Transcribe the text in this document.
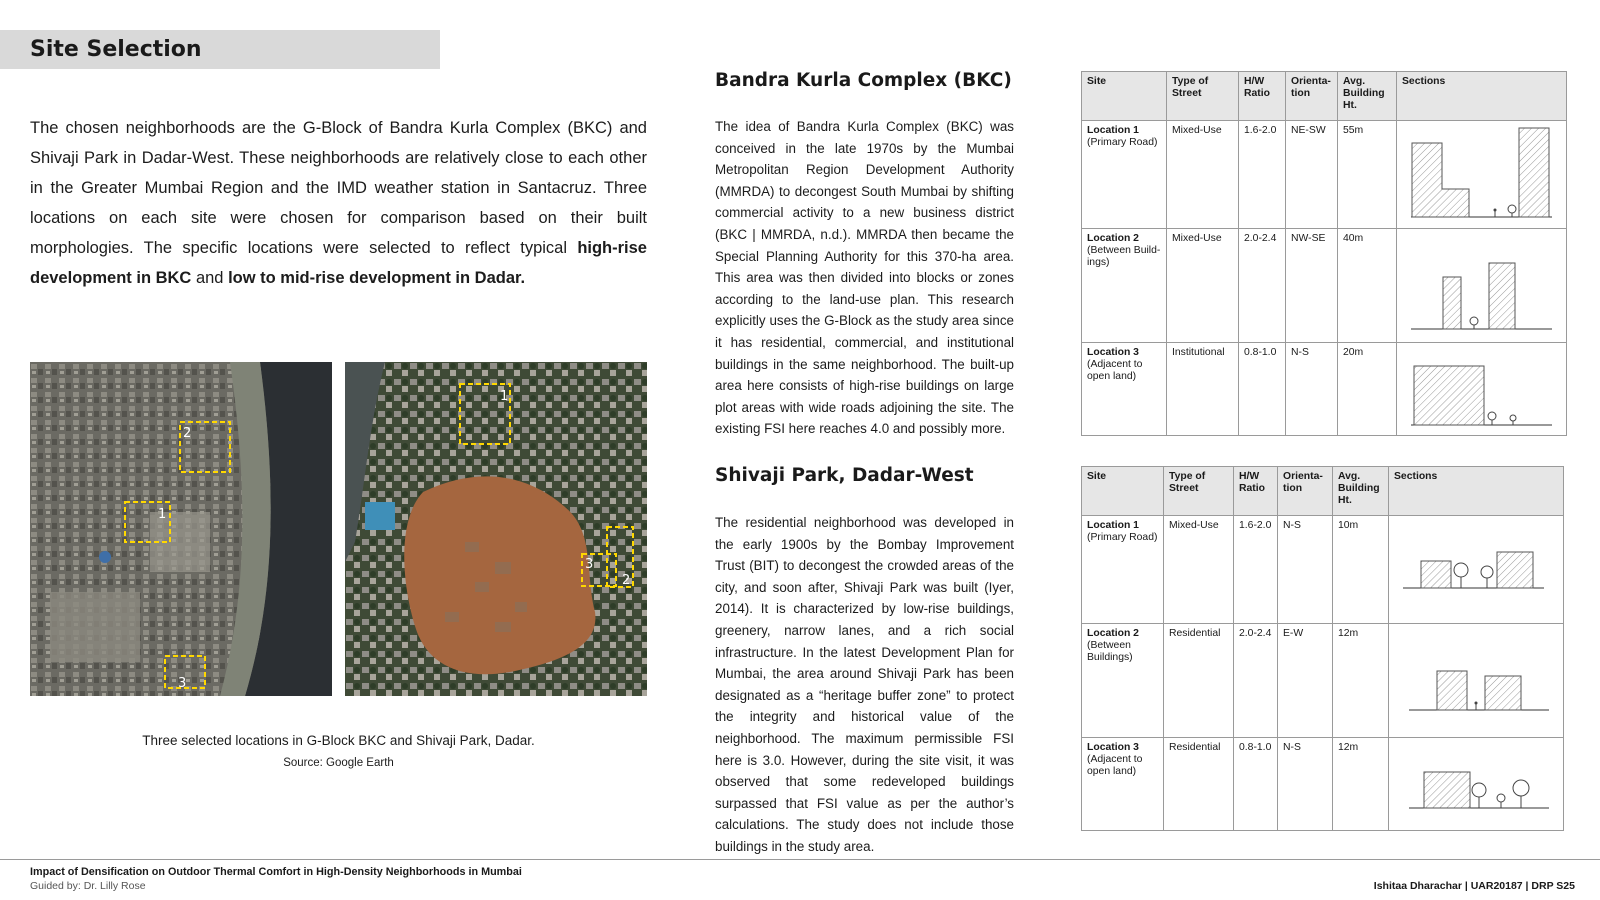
Site Selection
The chosen neighborhoods are the G-Block of Bandra Kurla Complex (BKC) and Shivaji Park in Dadar-West. These neighborhoods are relatively close to each other in the Greater Mumbai Region and the IMD weather station in Santacruz. Three locations on each site were chosen for comparison based on their built morphologies. The specific locations were selected to reflect typical high-rise development in BKC and low to mid-rise development in Dadar.
2
1
3
1
2
3
Three selected locations in G-Block BKC and Shivaji Park, Dadar.
Source: Google Earth
Bandra Kurla Complex (BKC)
The idea of Bandra Kurla Complex (BKC) was conceived in the late 1970s by the Mumbai Metropolitan Region Development Authority (MMRDA) to decongest South Mumbai by shifting commercial activity to a new business district (BKC | MMRDA, n.d.). MMRDA then became the Special Planning Authority for this 370-ha area. This area was then divided into blocks or zones according to the land-use plan. This research explicitly uses the G-Block as the study area since it has residential, commercial, and institutional buildings in the same neighborhood. The built-up area here consists of high-rise buildings on large plot areas with wide roads adjoining the site. The existing FSI here reaches 4.0 and possibly more.
Shivaji Park, Dadar-West
The residential neighborhood was developed in the early 1900s by the Bombay Improvement Trust (BIT) to decongest the crowded areas of the city, and soon after, Shivaji Park was built (Iyer, 2014). It is characterized by low-rise buildings, greenery, narrow lanes, and a rich social infrastructure. In the latest Development Plan for Mumbai, the area around Shivaji Park has been designated as a “heritage buffer zone” to protect the integrity and historical value of the neighborhood. The maximum permissible FSI here is 3.0. However, during the site visit, it was observed that some redeveloped buildings surpassed that FSI value as per the author’s calculations. The study does not include those buildings in the study area.
Site	Type of Street	H/W Ratio	Orienta-tion	Avg. Building Ht.	Sections

Location 1
(Primary Road)	Mixed-Use	1.6-2.0	NE-SW	55m	

Location 2
(Between Build-ings)	Mixed-Use	2.0-2.4	NW-SE	40m	

Location 3
(Adjacent to open land)	Institutional	0.8-1.0	N-S	20m	
Site	Type of Street	H/W Ratio	Orienta-tion	Avg. Building Ht.	Sections

Location 1
(Primary Road)	Mixed-Use	1.6-2.0	N-S	10m	

Location 2
(Between Buildings)	Residential	2.0-2.4	E-W	12m	

Location 3
(Adjacent to open land)	Residential	0.8-1.0	N-S	12m	
Impact of Densification on Outdoor Thermal Comfort in High-Density Neighborhoods in Mumbai
Guided by: Dr. Lilly Rose	Ishitaa Dharachar | UAR20187 | DRP S25
